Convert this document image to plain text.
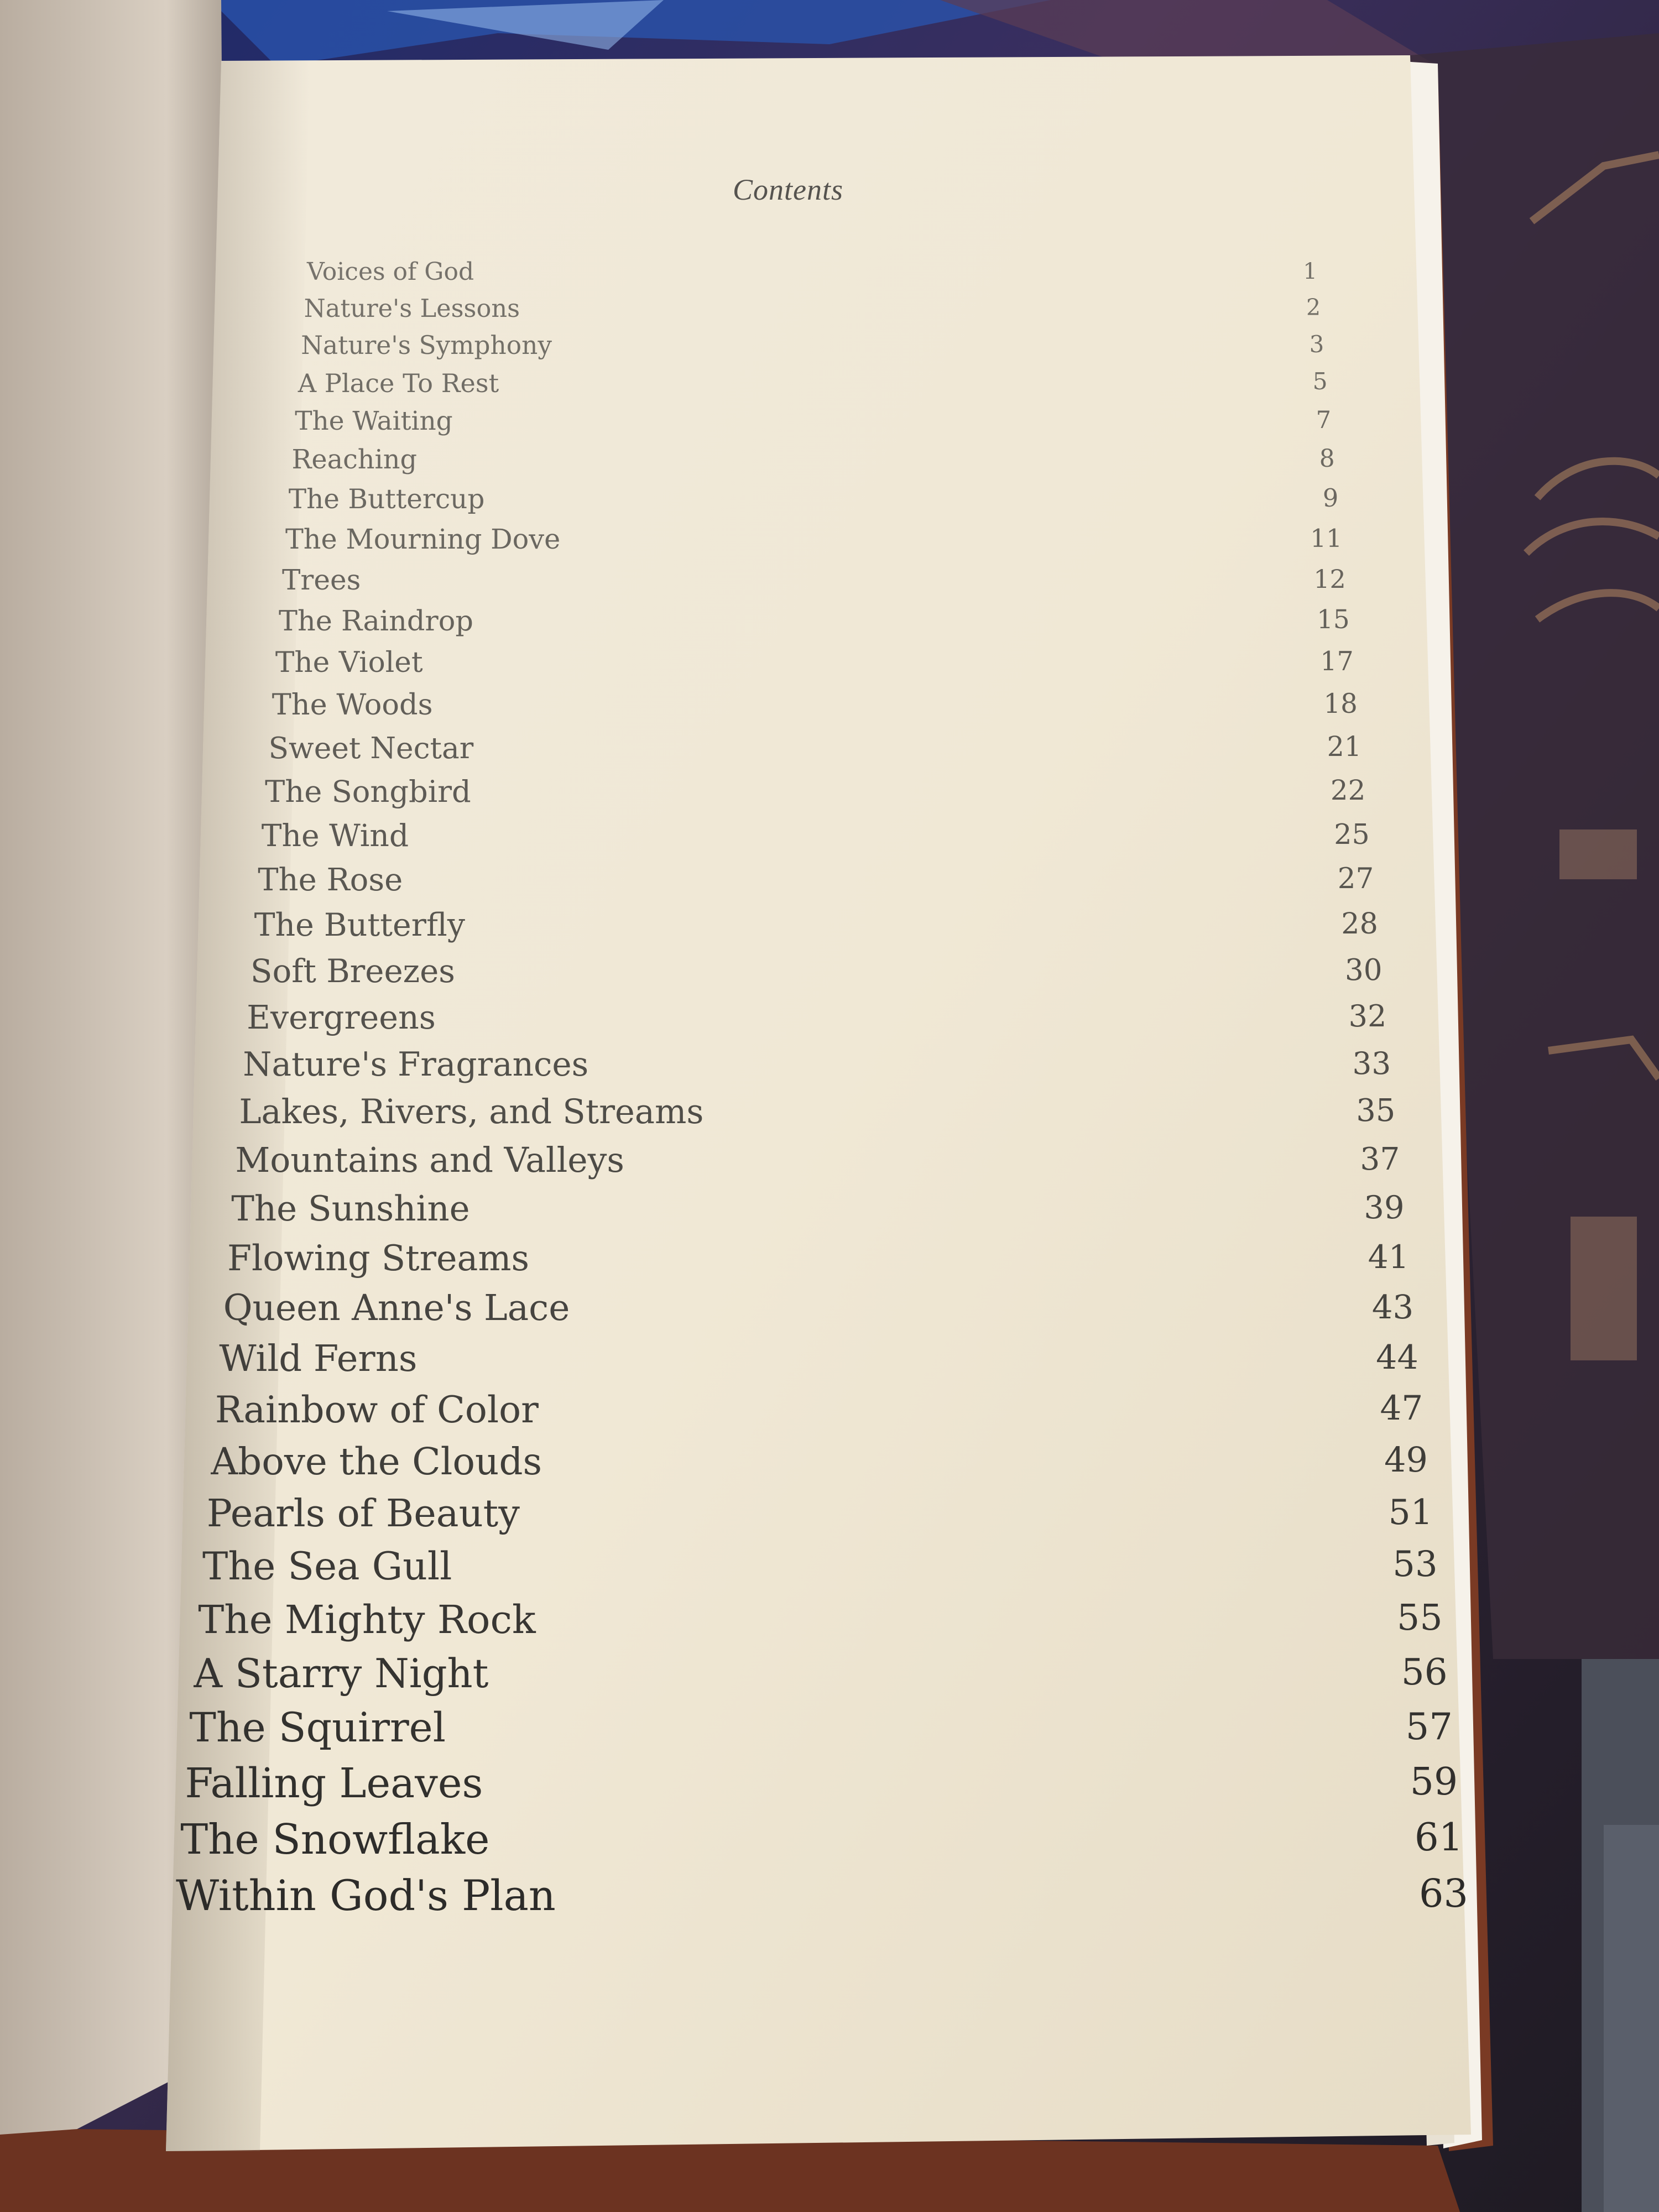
Contents
Voices of God	1
Nature's Lessons	2
Nature's Symphony	3
A Place To Rest	5
The Waiting	7
Reaching	8
The Buttercup	9
The Mourning Dove	11
Trees	12
The Raindrop	15
The Violet	17
The Woods	18
Sweet Nectar	21
The Songbird	22
The Wind	25
The Rose	27
The Butterfly	28
Soft Breezes	30
Evergreens	32
Nature's Fragrances	33
Lakes, Rivers, and Streams	35
Mountains and Valleys	37
The Sunshine	39
Flowing Streams	41
Queen Anne's Lace	43
Wild Ferns	44
Rainbow of Color	47
Above the Clouds	49
Pearls of Beauty	51
The Sea Gull	53
The Mighty Rock	55
A Starry Night	56
The Squirrel	57
Falling Leaves	59
The Snowflake	61
Within God's Plan	63
